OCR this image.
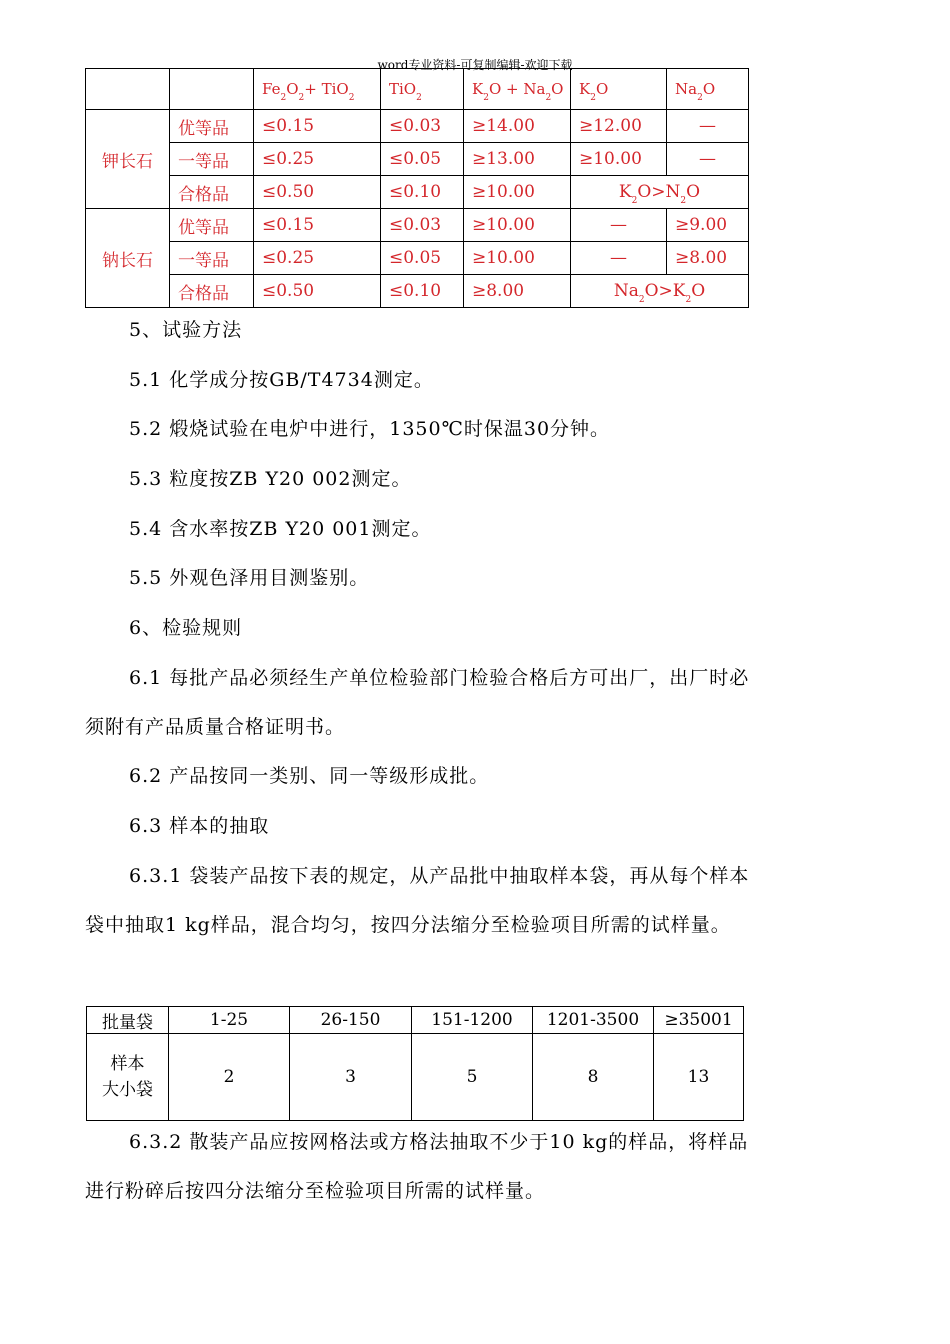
word专业资料-可复制编辑-欢迎下载
		$Fe_2O_2+ TiO_2$	TiO$_2$	$K_2O + Na_2O$	$K_2O$	$Na_2O$
钾长石	优等品	≤0.15	≤0.03	≥14.00	≥12.00	—
	一等品	≤0.25	≤0.05	≥13.00	≥10.00	—
	合格品	≤0.50	≤0.10	≥10.00	$K_2O>N_2O$	
钠长石	优等品	≤0.15	≤0.03	≥10.00	—	≥9.00
	一等品	≤0.25	≤0.05	≥10.00	—	≥8.00
	合格品	≤0.50	≤0.10	≥8.00	$Na_2O>K_2O$	
5、试验方法
5.1 化学成分按GB/T4734测定。
5.2 煅烧试验在电炉中进行，1350℃时保温30分钟。
5.3 粒度按ZB Y20 002测定。
5.4 含水率按ZB Y20 001测定。
5.5 外观色泽用目测鉴别。
6、检验规则
6.1 每批产品必须经生产单位检验部门检验合格后方可出厂，出厂时必须附有产品质量合格证明书。
6.2 产品按同一类别、同一等级形成批。
6.3 样本的抽取
6.3.1 袋装产品按下表的规定，从产品批中抽取样本袋，再从每个样本袋中抽取1 kg样品，混合均匀，按四分法缩分至检验项目所需的试样量。
批量袋	1-25	26-150	151-1200	1201-3500	≥35001
样本
大小袋	2	3	5	8	13
6.3.2 散装产品应按网格法或方格法抽取不少于10 kg的样品，将样品进行粉碎后按四分法缩分至检验项目所需的试样量。
